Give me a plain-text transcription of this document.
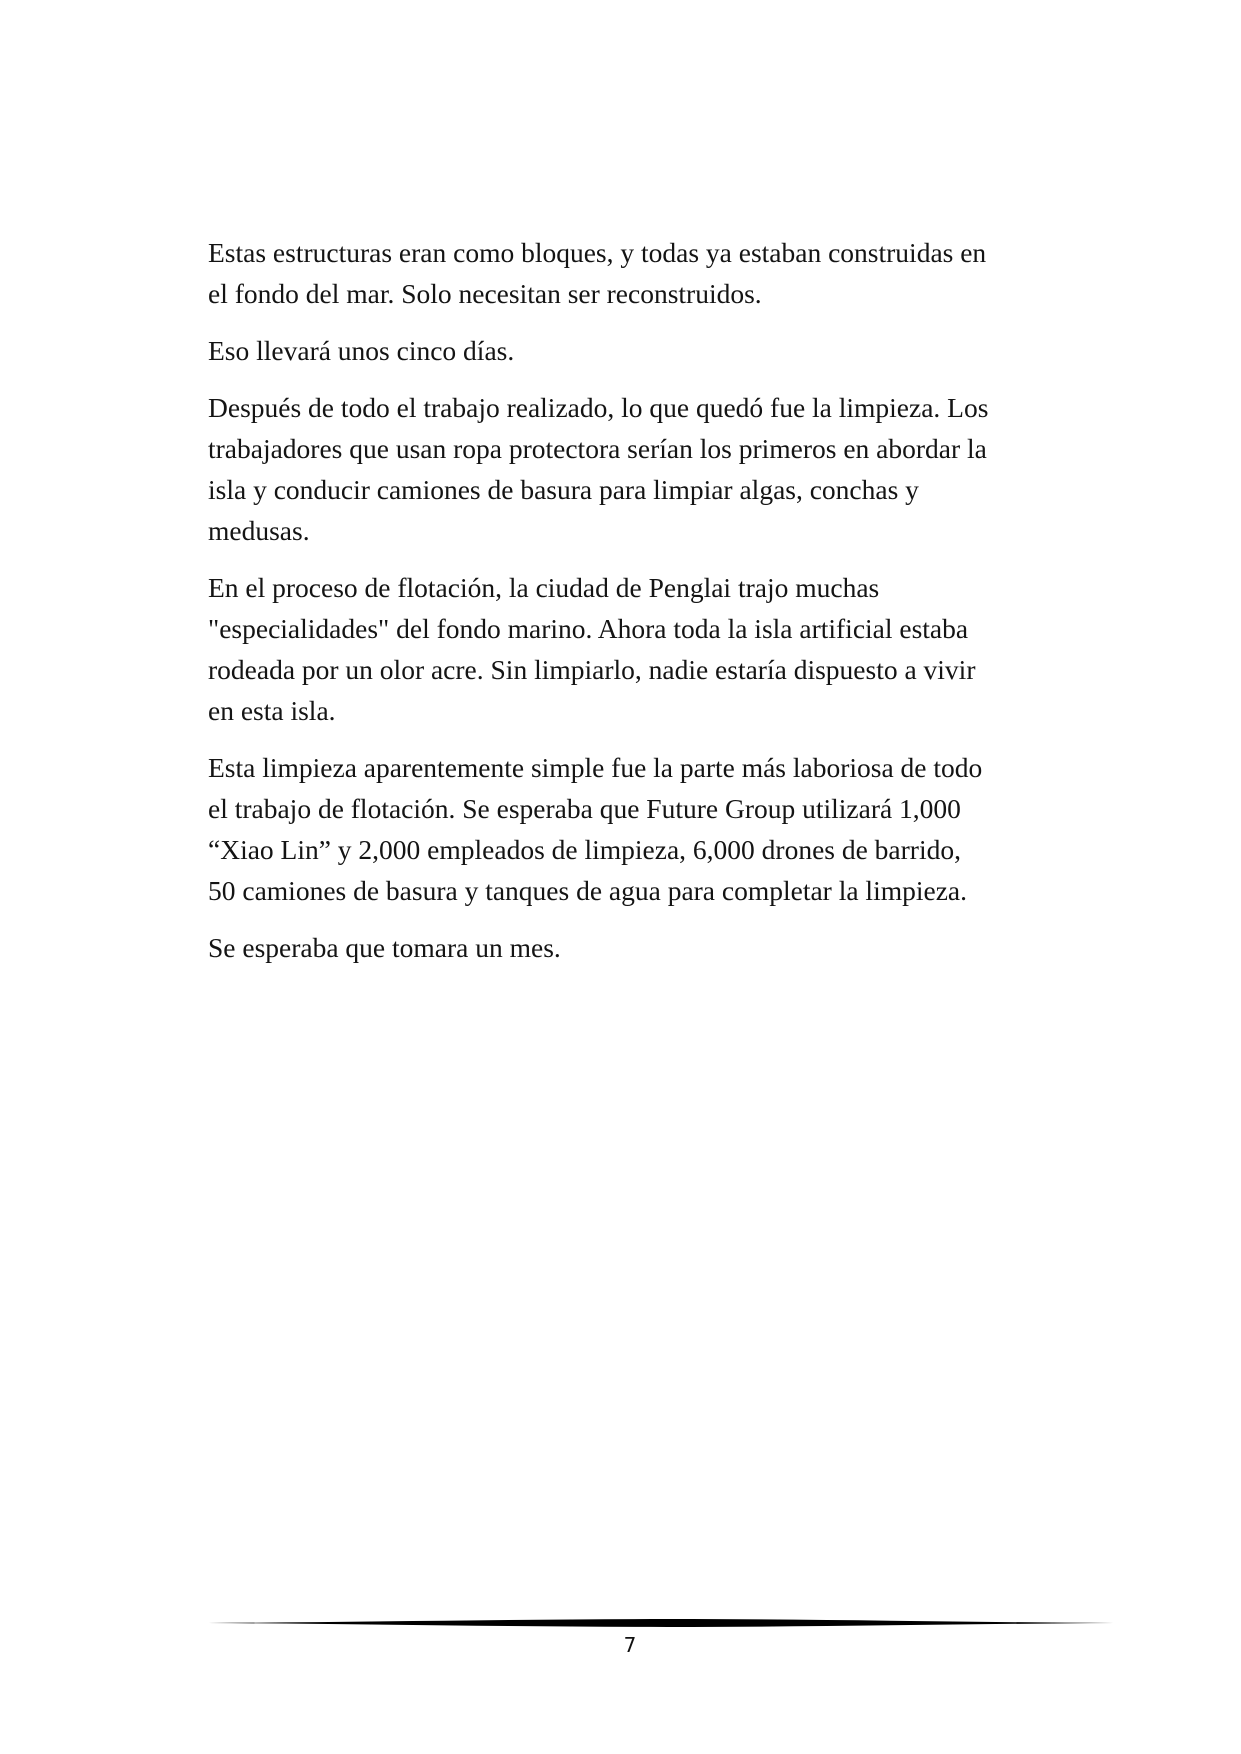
Estas estructuras eran como bloques, y todas ya estaban construidas en
el fondo del mar. Solo necesitan ser reconstruidos.

Eso llevará unos cinco días.

Después de todo el trabajo realizado, lo que quedó fue la limpieza. Los
trabajadores que usan ropa protectora serían los primeros en abordar la
isla y conducir camiones de basura para limpiar algas, conchas y
medusas.

En el proceso de flotación, la ciudad de Penglai trajo muchas
"especialidades" del fondo marino. Ahora toda la isla artificial estaba
rodeada por un olor acre. Sin limpiarlo, nadie estaría dispuesto a vivir
en esta isla.

Esta limpieza aparentemente simple fue la parte más laboriosa de todo
el trabajo de flotación. Se esperaba que Future Group utilizará 1,000
“Xiao Lin” y 2,000 empleados de limpieza, 6,000 drones de barrido,
50 camiones de basura y tanques de agua para completar la limpieza.

Se esperaba que tomara un mes.

7
